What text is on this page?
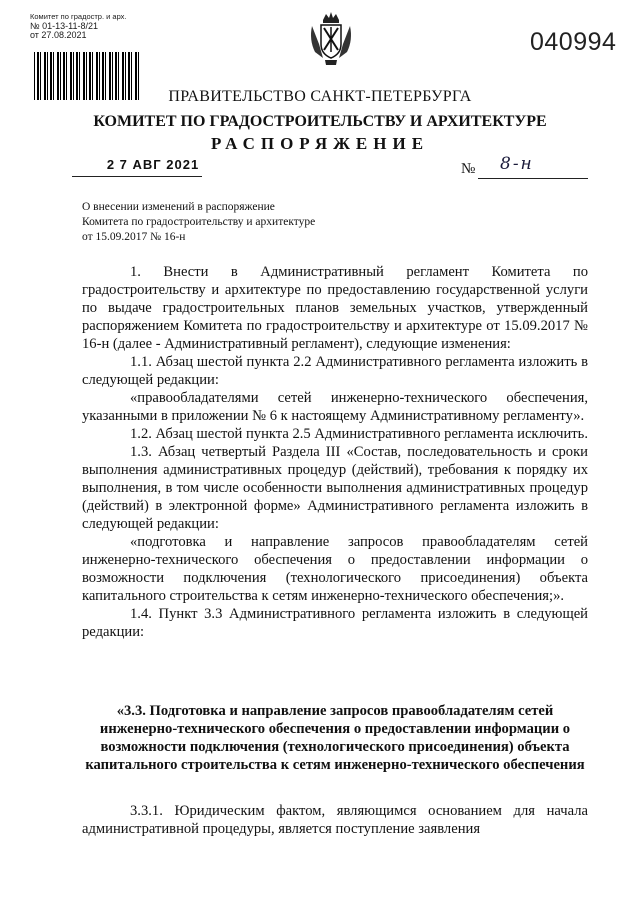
Комитет по градостр. и арх.
№ 01-13-11-8/21
от 27.08.2021	040994
ПРАВИТЕЛЬСТВО САНКТ-ПЕТЕРБУРГА
КОМИТЕТ ПО ГРАДОСТРОИТЕЛЬСТВУ И АРХИТЕКТУРЕ
РАСПОРЯЖЕНИЕ
2 7 АВГ 2021	№ 8-н
О внесении изменений в распоряжение
Комитета по градостроительству и архитектуре
от 15.09.2017 № 16-н

1. Внести в Административный регламент Комитета по градостроительству и архитектуре по предоставлению государственной услуги по выдаче градостроительных планов земельных участков, утвержденный распоряжением Комитета по градостроительству и архитектуре от 15.09.2017 № 16-н (далее - Административный регламент), следующие изменения:

1.1. Абзац шестой пункта 2.2 Административного регламента изложить в следующей редакции:

«правообладателями сетей инженерно-технического обеспечения, указанными в приложении № 6 к настоящему Административному регламенту».

1.2. Абзац шестой пункта 2.5 Административного регламента исключить.

1.3. Абзац четвертый Раздела III «Состав, последовательность и сроки выполнения административных процедур (действий), требования к порядку их выполнения, в том числе особенности выполнения административных процедур (действий) в электронной форме» Административного регламента изложить в следующей редакции:

«подготовка и направление запросов правообладателям сетей инженерно-технического обеспечения о предоставлении информации о возможности подключения (технологического присоединения) объекта капитального строительства к сетям инженерно-технического обеспечения;».

1.4. Пункт 3.3 Административного регламента изложить в следующей редакции:

«3.3. Подготовка и направление запросов правообладателям сетей инженерно-технического обеспечения о предоставлении информации о возможности подключения (технологического присоединения) объекта капитального строительства к сетям инженерно-технического обеспечения

3.3.1. Юридическим фактом, являющимся основанием для начала административной процедуры, является поступление заявления
